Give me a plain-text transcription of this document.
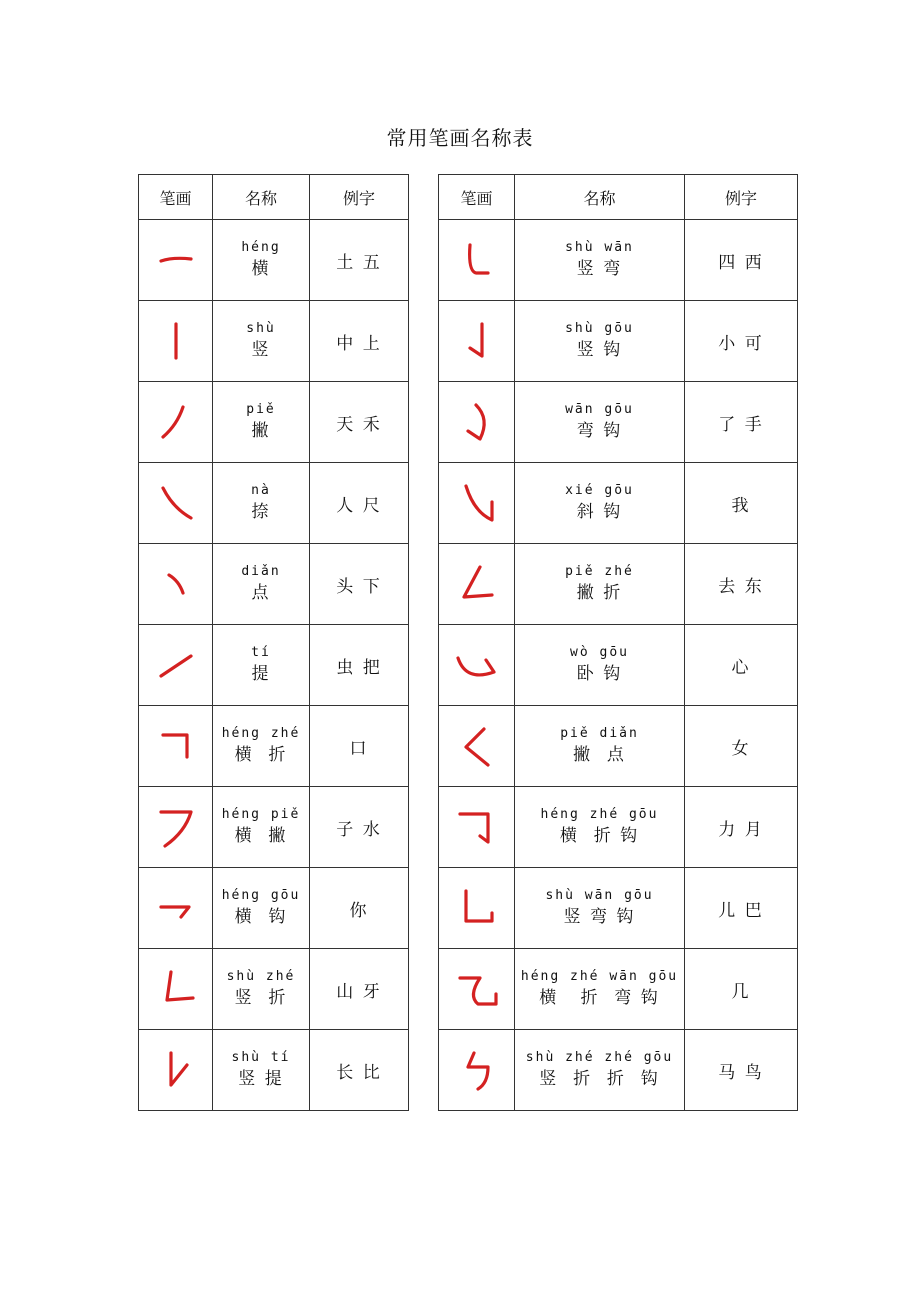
常用笔画名称表
笔画	名称	例字

héng
横	土 五

shù
竖	中 上

piě
撇	天 禾

nà
捺	人 尺

diǎn
点	头 下

tí
提	虫 把

héng zhé
横  折	口

héng piě
横  撇	子 水

héng gōu
横  钩	你

shù zhé
竖  折	山 牙

shù tí
竖 提	长 比
笔画	名称	例字

shù wān
竖 弯	四 西

shù gōu
竖 钩	小 可

wān gōu
弯 钩	了 手

xié gōu
斜 钩	我

piě zhé
撇 折	去 东

wò gōu
卧 钩	心

piě diǎn
撇  点	女

héng zhé gōu
横  折 钩	力 月

shù wān gōu
竖 弯 钩	儿 巴

héng zhé wān gōu
横   折  弯 钩	几

shù zhé zhé gōu
竖  折  折  钩	马 鸟
